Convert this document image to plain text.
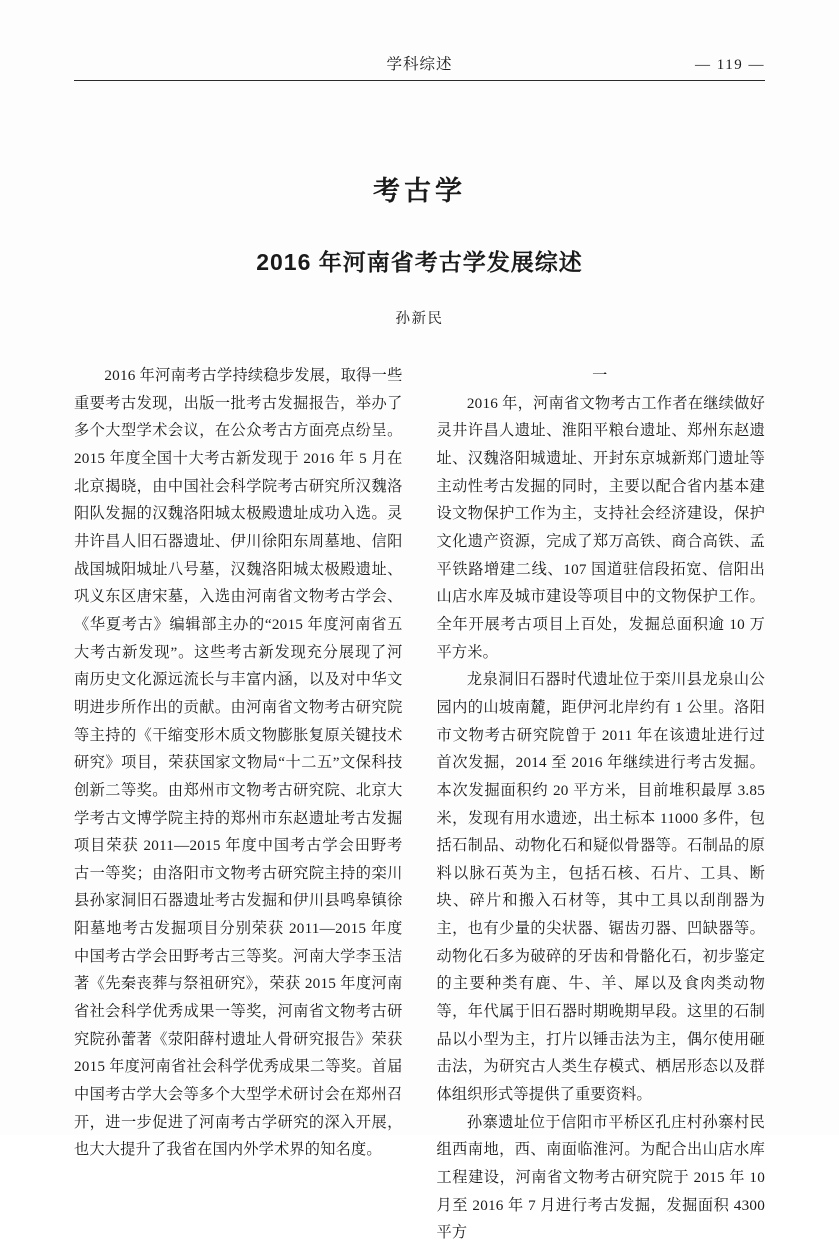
学科综述	— 119 —
考古学
2016 年河南省考古学发展综述
孙新民

2016 年河南考古学持续稳步发展，取得一些重要考古发现，出版一批考古发掘报告，举办了多个大型学术会议，在公众考古方面亮点纷呈。2015 年度全国十大考古新发现于 2016 年 5 月在北京揭晓，由中国社会科学院考古研究所汉魏洛阳队发掘的汉魏洛阳城太极殿遗址成功入选。灵井许昌人旧石器遗址、伊川徐阳东周墓地、信阳战国城阳城址八号墓，汉魏洛阳城太极殿遗址、巩义东区唐宋墓，入选由河南省文物考古学会、《华夏考古》编辑部主办的“2015 年度河南省五大考古新发现”。这些考古新发现充分展现了河南历史文化源远流长与丰富内涵，以及对中华文明进步所作出的贡献。由河南省文物考古研究院等主持的《干缩变形木质文物膨胀复原关键技术研究》项目，荣获国家文物局“十二五”文保科技创新二等奖。由郑州市文物考古研究院、北京大学考古文博学院主持的郑州市东赵遗址考古发掘项目荣获 2011—2015 年度中国考古学会田野考古一等奖；由洛阳市文物考古研究院主持的栾川县孙家洞旧石器遗址考古发掘和伊川县鸣皋镇徐阳墓地考古发掘项目分别荣获 2011—2015 年度中国考古学会田野考古三等奖。河南大学李玉洁著《先秦丧葬与祭祖研究》，荣获 2015 年度河南省社会科学优秀成果一等奖，河南省文物考古研究院孙蕾著《荥阳薛村遗址人骨研究报告》荣获 2015 年度河南省社会科学优秀成果二等奖。首届中国考古学大会等多个大型学术研讨会在郑州召开，进一步促进了河南考古学研究的深入开展，也大大提升了我省在国内外学术界的知名度。

一

2016 年，河南省文物考古工作者在继续做好灵井许昌人遗址、淮阳平粮台遗址、郑州东赵遗址、汉魏洛阳城遗址、开封东京城新郑门遗址等主动性考古发掘的同时，主要以配合省内基本建设文物保护工作为主，支持社会经济建设，保护文化遗产资源，完成了郑万高铁、商合高铁、孟平铁路增建二线、107 国道驻信段拓宽、信阳出山店水库及城市建设等项目中的文物保护工作。全年开展考古项目上百处，发掘总面积逾 10 万平方米。

龙泉洞旧石器时代遗址位于栾川县龙泉山公园内的山坡南麓，距伊河北岸约有 1 公里。洛阳市文物考古研究院曾于 2011 年在该遗址进行过首次发掘，2014 至 2016 年继续进行考古发掘。本次发掘面积约 20 平方米，目前堆积最厚 3.85 米，发现有用水遗迹，出土标本 11000 多件，包括石制品、动物化石和疑似骨器等。石制品的原料以脉石英为主，包括石核、石片、工具、断块、碎片和搬入石材等，其中工具以刮削器为主，也有少量的尖状器、锯齿刃器、凹缺器等。动物化石多为破碎的牙齿和骨骼化石，初步鉴定的主要种类有鹿、牛、羊、犀以及食肉类动物等，年代属于旧石器时期晚期早段。这里的石制品以小型为主，打片以锤击法为主，偶尔使用砸击法，为研究古人类生存模式、栖居形态以及群体组织形式等提供了重要资料。

孙寨遗址位于信阳市平桥区孔庄村孙寨村民组西南地，西、南面临淮河。为配合出山店水库工程建设，河南省文物考古研究院于 2015 年 10 月至 2016 年 7 月进行考古发掘，发掘面积 4300 平方
